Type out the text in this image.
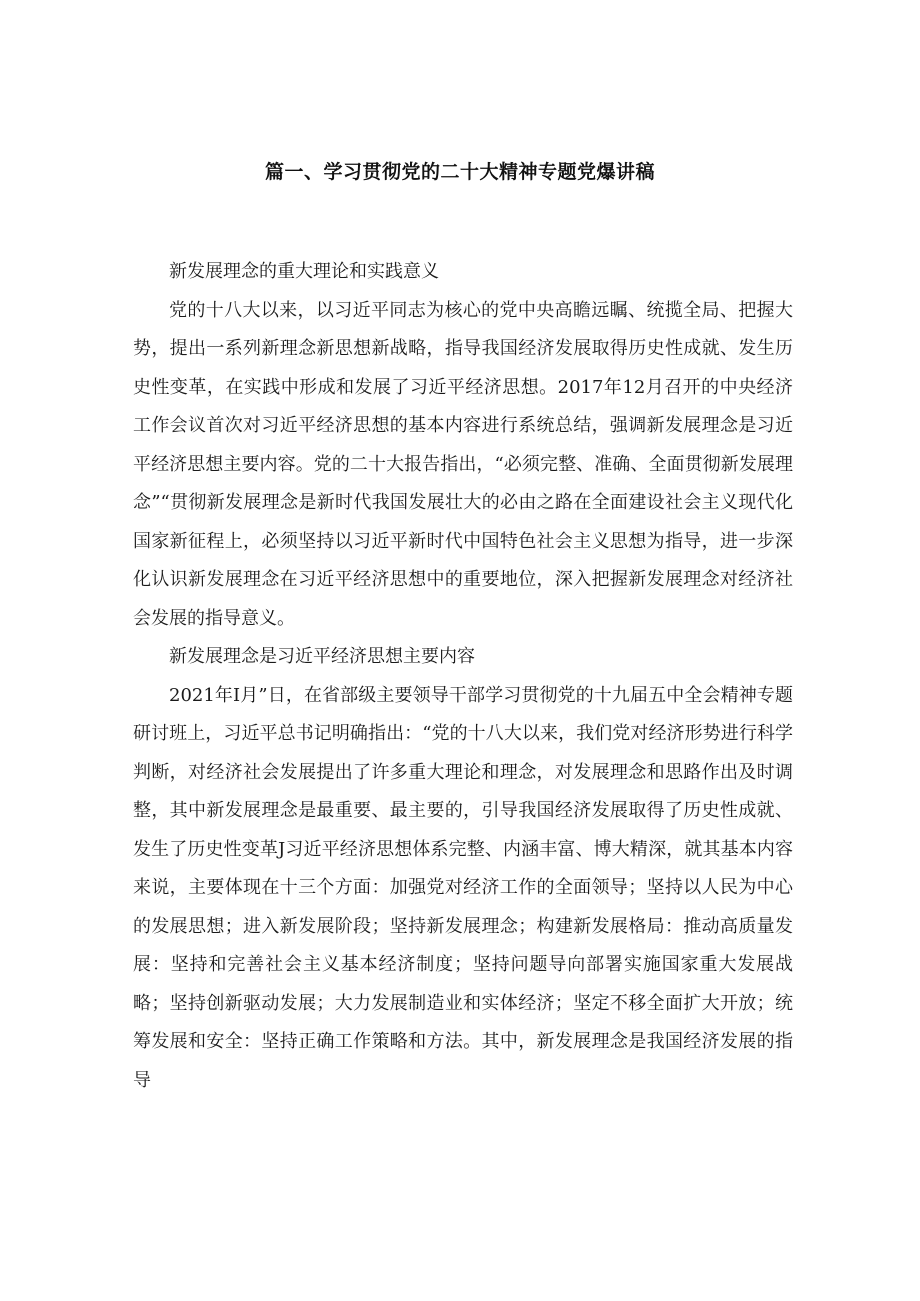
篇一、学习贯彻党的二十大精神专题党爆讲稿

新发展理念的重大理论和实践意义

党的十八大以来，以习近平同志为核心的党中央高瞻远瞩、统揽全局、把握大势，提出一系列新理念新思想新战略，指导我国经济发展取得历史性成就、发生历史性变革，在实践中形成和发展了习近平经济思想。2017年12月召开的中央经济工作会议首次对习近平经济思想的基本内容进行系统总结，强调新发展理念是习近平经济思想主要内容。党的二十大报告指出，“必须完整、准确、全面贯彻新发展理念”“贯彻新发展理念是新时代我国发展壮大的必由之路在全面建设社会主义现代化国家新征程上，必须坚持以习近平新时代中国特色社会主义思想为指导，进一步深化认识新发展理念在习近平经济思想中的重要地位，深入把握新发展理念对经济社会发展的指导意义。

新发展理念是习近平经济思想主要内容

2021年I月”日，在省部级主要领导干部学习贯彻党的十九届五中全会精神专题研讨班上，习近平总书记明确指出：“党的十八大以来，我们党对经济形势进行科学判断，对经济社会发展提出了许多重大理论和理念，对发展理念和思路作出及时调整，其中新发展理念是最重要、最主要的，引导我国经济发展取得了历史性成就、发生了历史性变革J习近平经济思想体系完整、内涵丰富、博大精深，就其基本内容来说，主要体现在十三个方面：加强党对经济工作的全面领导；坚持以人民为中心的发展思想；进入新发展阶段；坚持新发展理念；构建新发展格局：推动高质量发展：坚持和完善社会主义基本经济制度；坚持问题导向部署实施国家重大发展战略；坚持创新驱动发展；大力发展制造业和实体经济；坚定不移全面扩大开放；统筹发展和安全：坚持正确工作策略和方法。其中，新发展理念是我国经济发展的指导
